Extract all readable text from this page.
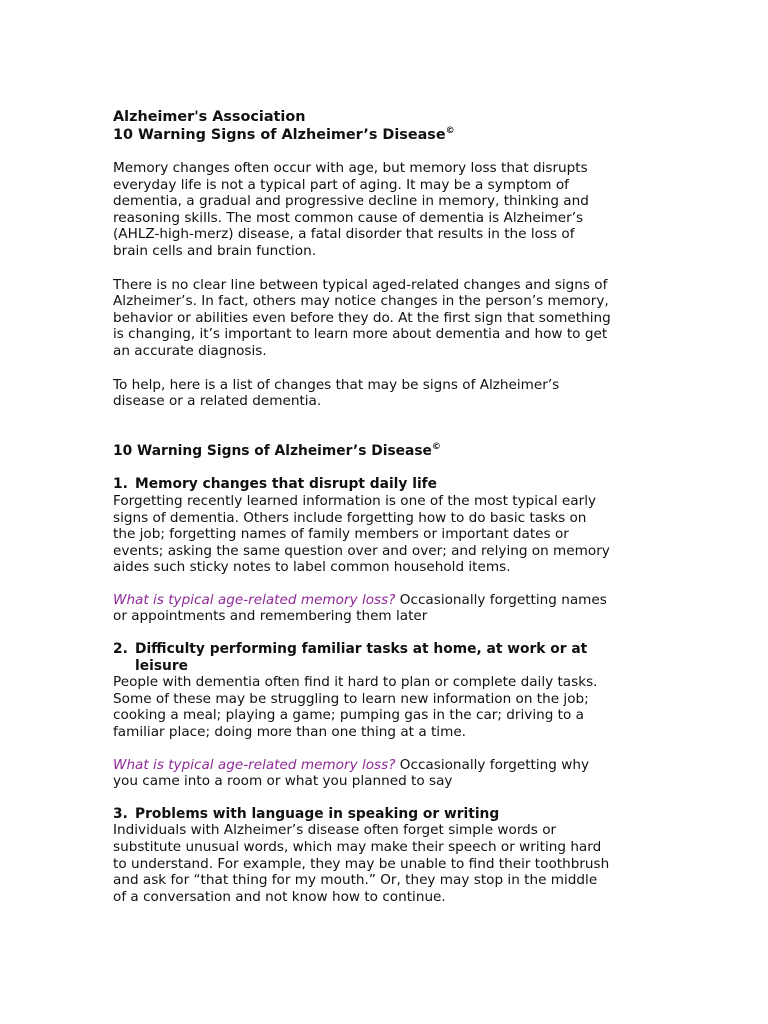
Alzheimer's Association

10 Warning Signs of Alzheimer’s Disease©

Memory changes often occur with age, but memory loss that disrupts everyday life is not a typical part of aging. It may be a symptom of dementia, a gradual and progressive decline in memory, thinking and reasoning skills. The most common cause of dementia is Alzheimer’s (AHLZ-high-merz) disease, a fatal disorder that results in the loss of brain cells and brain function.

There is no clear line between typical aged-related changes and signs of Alzheimer’s. In fact, others may notice changes in the person’s memory, behavior or abilities even before they do. At the first sign that something is changing, it’s important to learn more about dementia and how to get an accurate diagnosis.

To help, here is a list of changes that may be signs of Alzheimer’s disease or a related dementia.

10 Warning Signs of Alzheimer’s Disease©

1. Memory changes that disrupt daily life

Forgetting recently learned information is one of the most typical early signs of dementia. Others include forgetting how to do basic tasks on the job; forgetting names of family members or important dates or events; asking the same question over and over; and relying on memory aides such sticky notes to label common household items.

What is typical age-related memory loss? Occasionally forgetting names or appointments and remembering them later

2. Difficulty performing familiar tasks at home, at work or at leisure

People with dementia often find it hard to plan or complete daily tasks. Some of these may be struggling to learn new information on the job; cooking a meal; playing a game; pumping gas in the car; driving to a familiar place; doing more than one thing at a time.

What is typical age-related memory loss? Occasionally forgetting why you came into a room or what you planned to say

3. Problems with language in speaking or writing

Individuals with Alzheimer’s disease often forget simple words or substitute unusual words, which may make their speech or writing hard to understand. For example, they may be unable to find their toothbrush and ask for “that thing for my mouth.” Or, they may stop in the middle of a conversation and not know how to continue.
